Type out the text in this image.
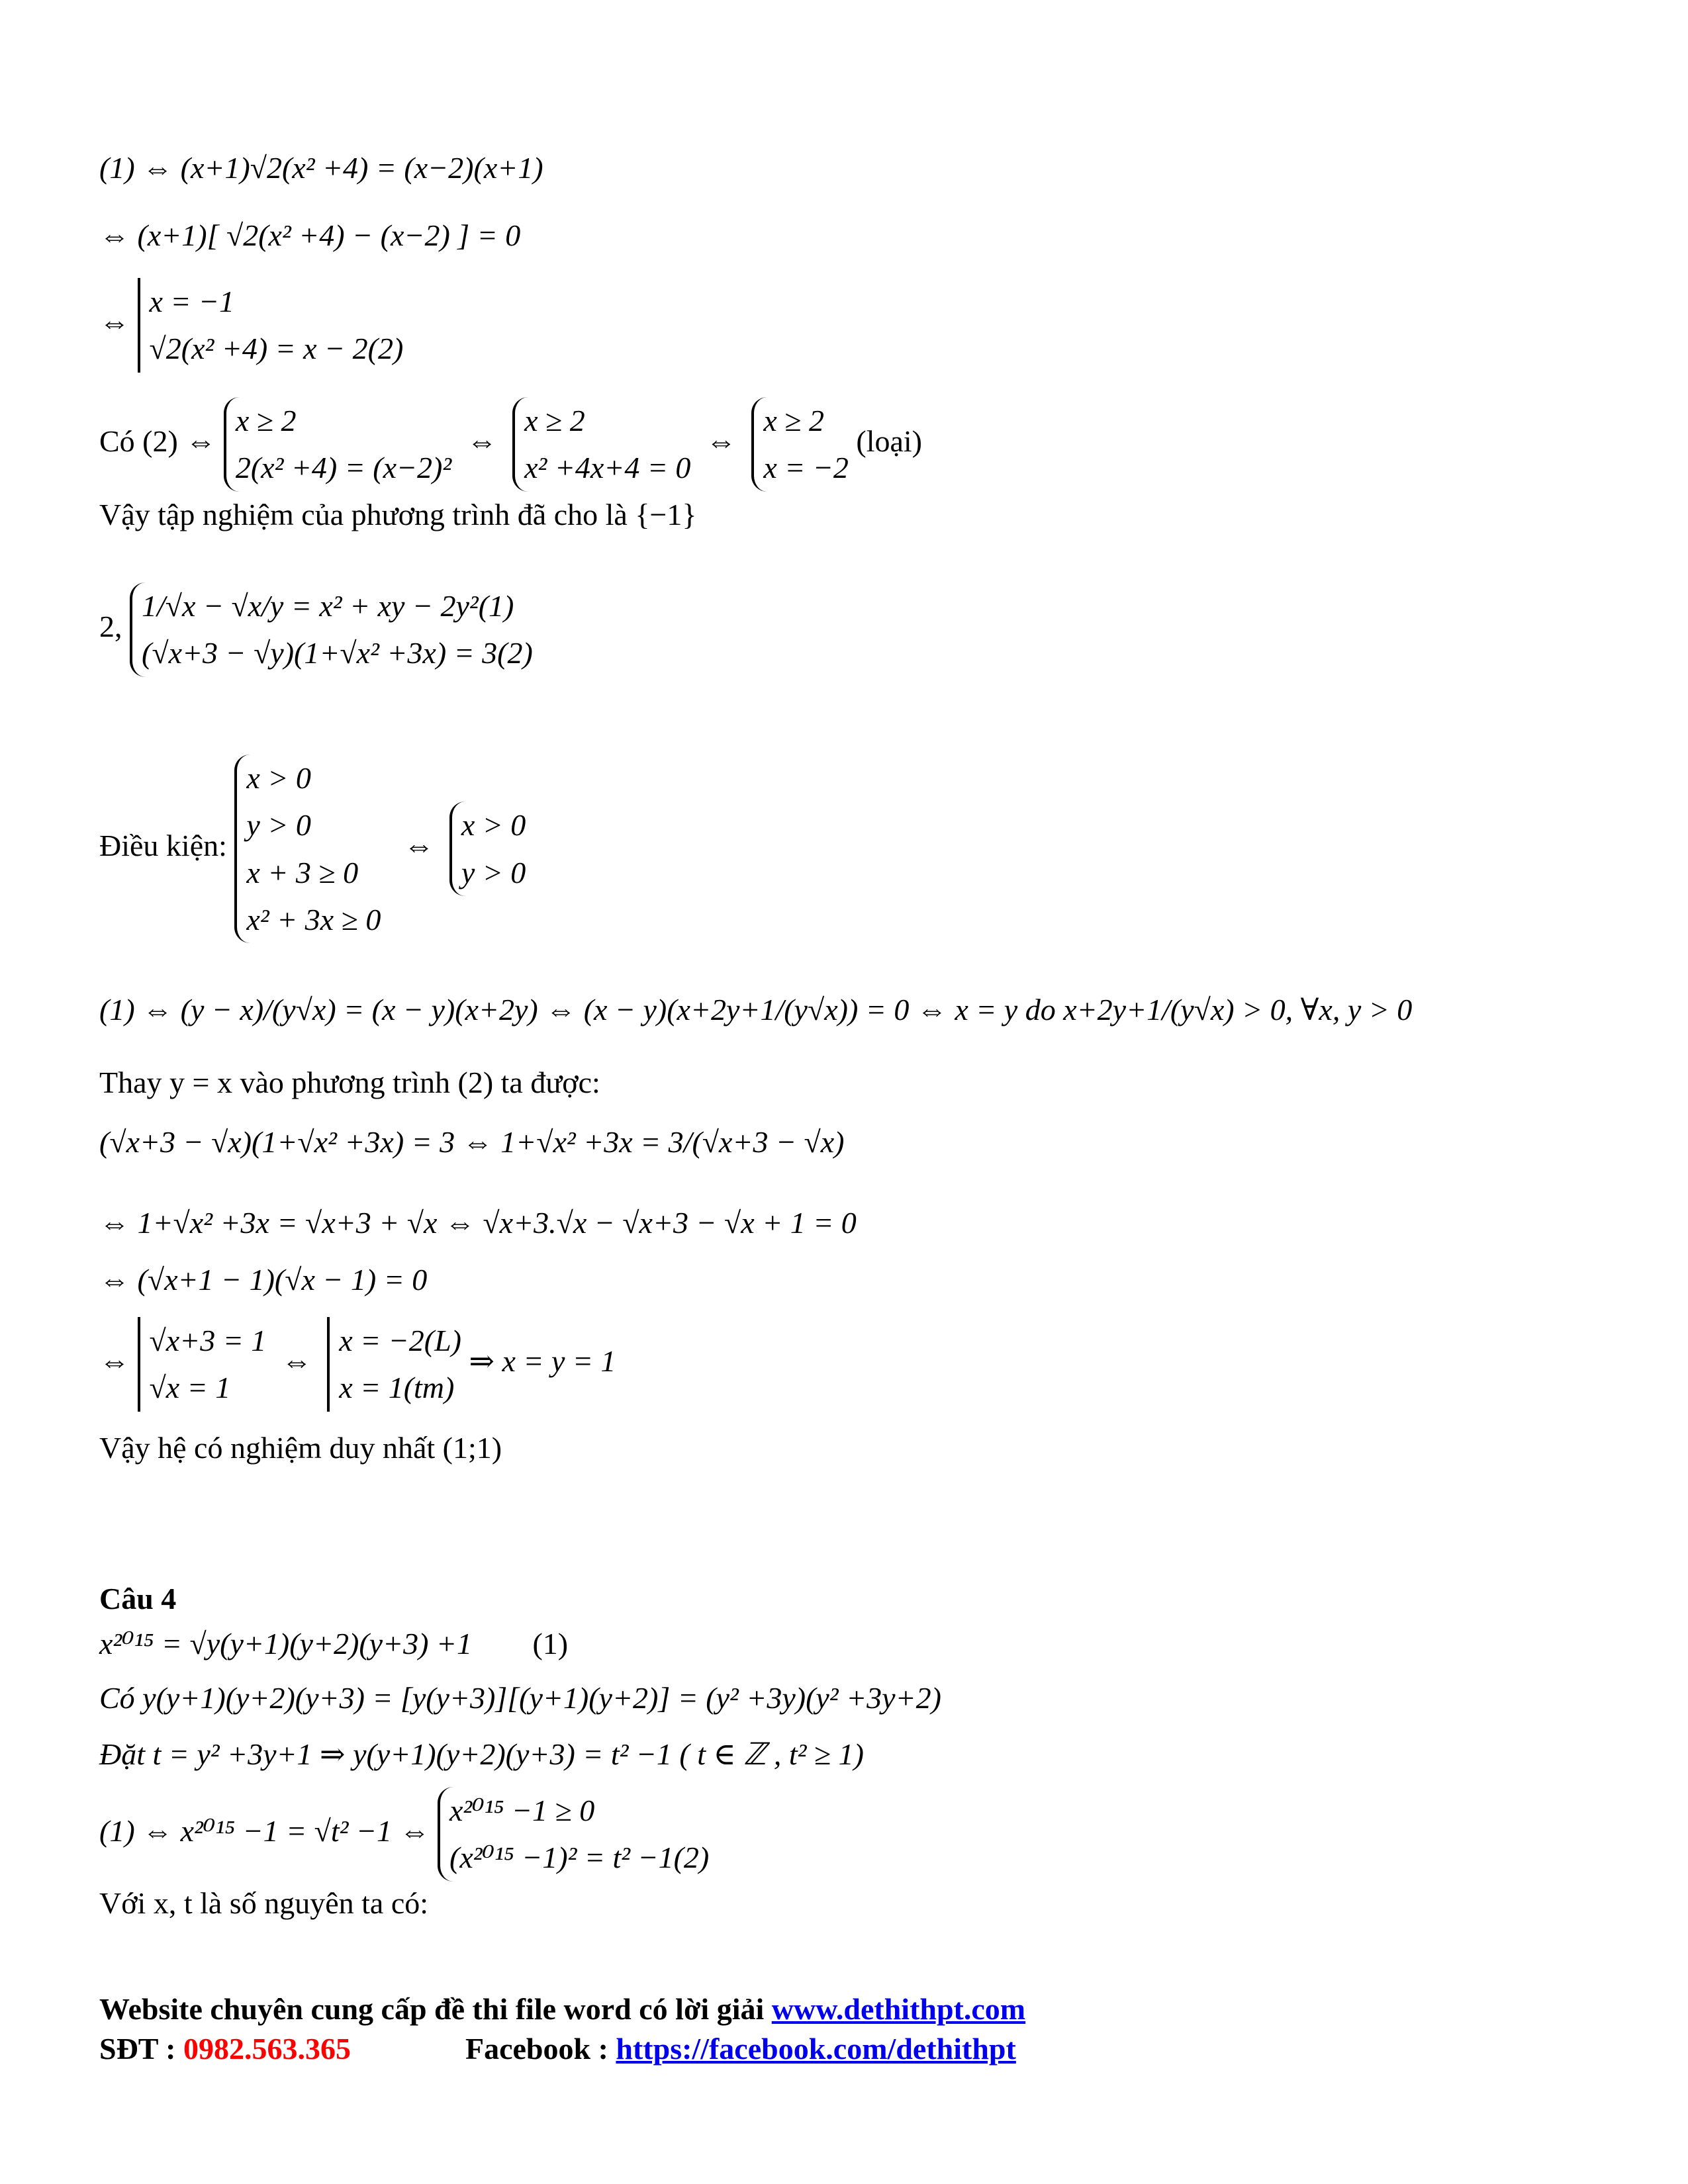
(1) ⇔ (x+1)√2(x² +4) = (x−2)(x+1)
⇔ (x+1)[ √2(x² +4) − (x−2) ] = 0
⇔
x = −1
√2(x² +4) = x − 2(2)
Có (2) ⇔
x ≥ 2
2(x² +4) = (x−2)²
⇔
x ≥ 2
x² +4x+4 = 0
⇔
x ≥ 2
x = −2
(loại)
Vậy tập nghiệm của phương trình đã cho là {−1}
2,
1/√x − √x/y = x² + xy − 2y²(1)
(√x+3 − √y)(1+√x² +3x) = 3(2)
Điều kiện:
x > 0
y > 0
x + 3 ≥ 0
x² + 3x ≥ 0
⇔
x > 0
y > 0
(1) ⇔ (y − x)/(y√x) = (x − y)(x+2y) ⇔ (x − y)(x+2y+1/(y√x)) = 0 ⇔ x = y do x+2y+1/(y√x) > 0, ∀x, y > 0
Thay y = x vào phương trình (2) ta được:
(√x+3 − √x)(1+√x² +3x) = 3 ⇔ 1+√x² +3x = 3/(√x+3 − √x)
⇔ 1+√x² +3x = √x+3 + √x ⇔ √x+3.√x − √x+3 − √x + 1 = 0
⇔ (√x+1 − 1)(√x − 1) = 0
⇔
√x+3 = 1
√x = 1
⇔
x = −2(L)
x = 1(tm)
⇒ x = y = 1
Vậy hệ có nghiệm duy nhất (1;1)
Câu 4
x²⁰¹⁵ = √y(y+1)(y+2)(y+3) +1 (1)
Có y(y+1)(y+2)(y+3) = [y(y+3)][(y+1)(y+2)] = (y² +3y)(y² +3y+2)
Đặt t = y² +3y+1 ⇒ y(y+1)(y+2)(y+3) = t² −1 ( t ∈ ℤ , t² ≥ 1)
(1) ⇔ x²⁰¹⁵ −1 = √t² −1 ⇔
x²⁰¹⁵ −1 ≥ 0
(x²⁰¹⁵ −1)² = t² −1(2)
Với x, t là số nguyên ta có:
Website chuyên cung cấp đề thi file word có lời giải www.dethithpt.com
SĐT : 0982.563.365	Facebook : https://facebook.com/dethithpt
